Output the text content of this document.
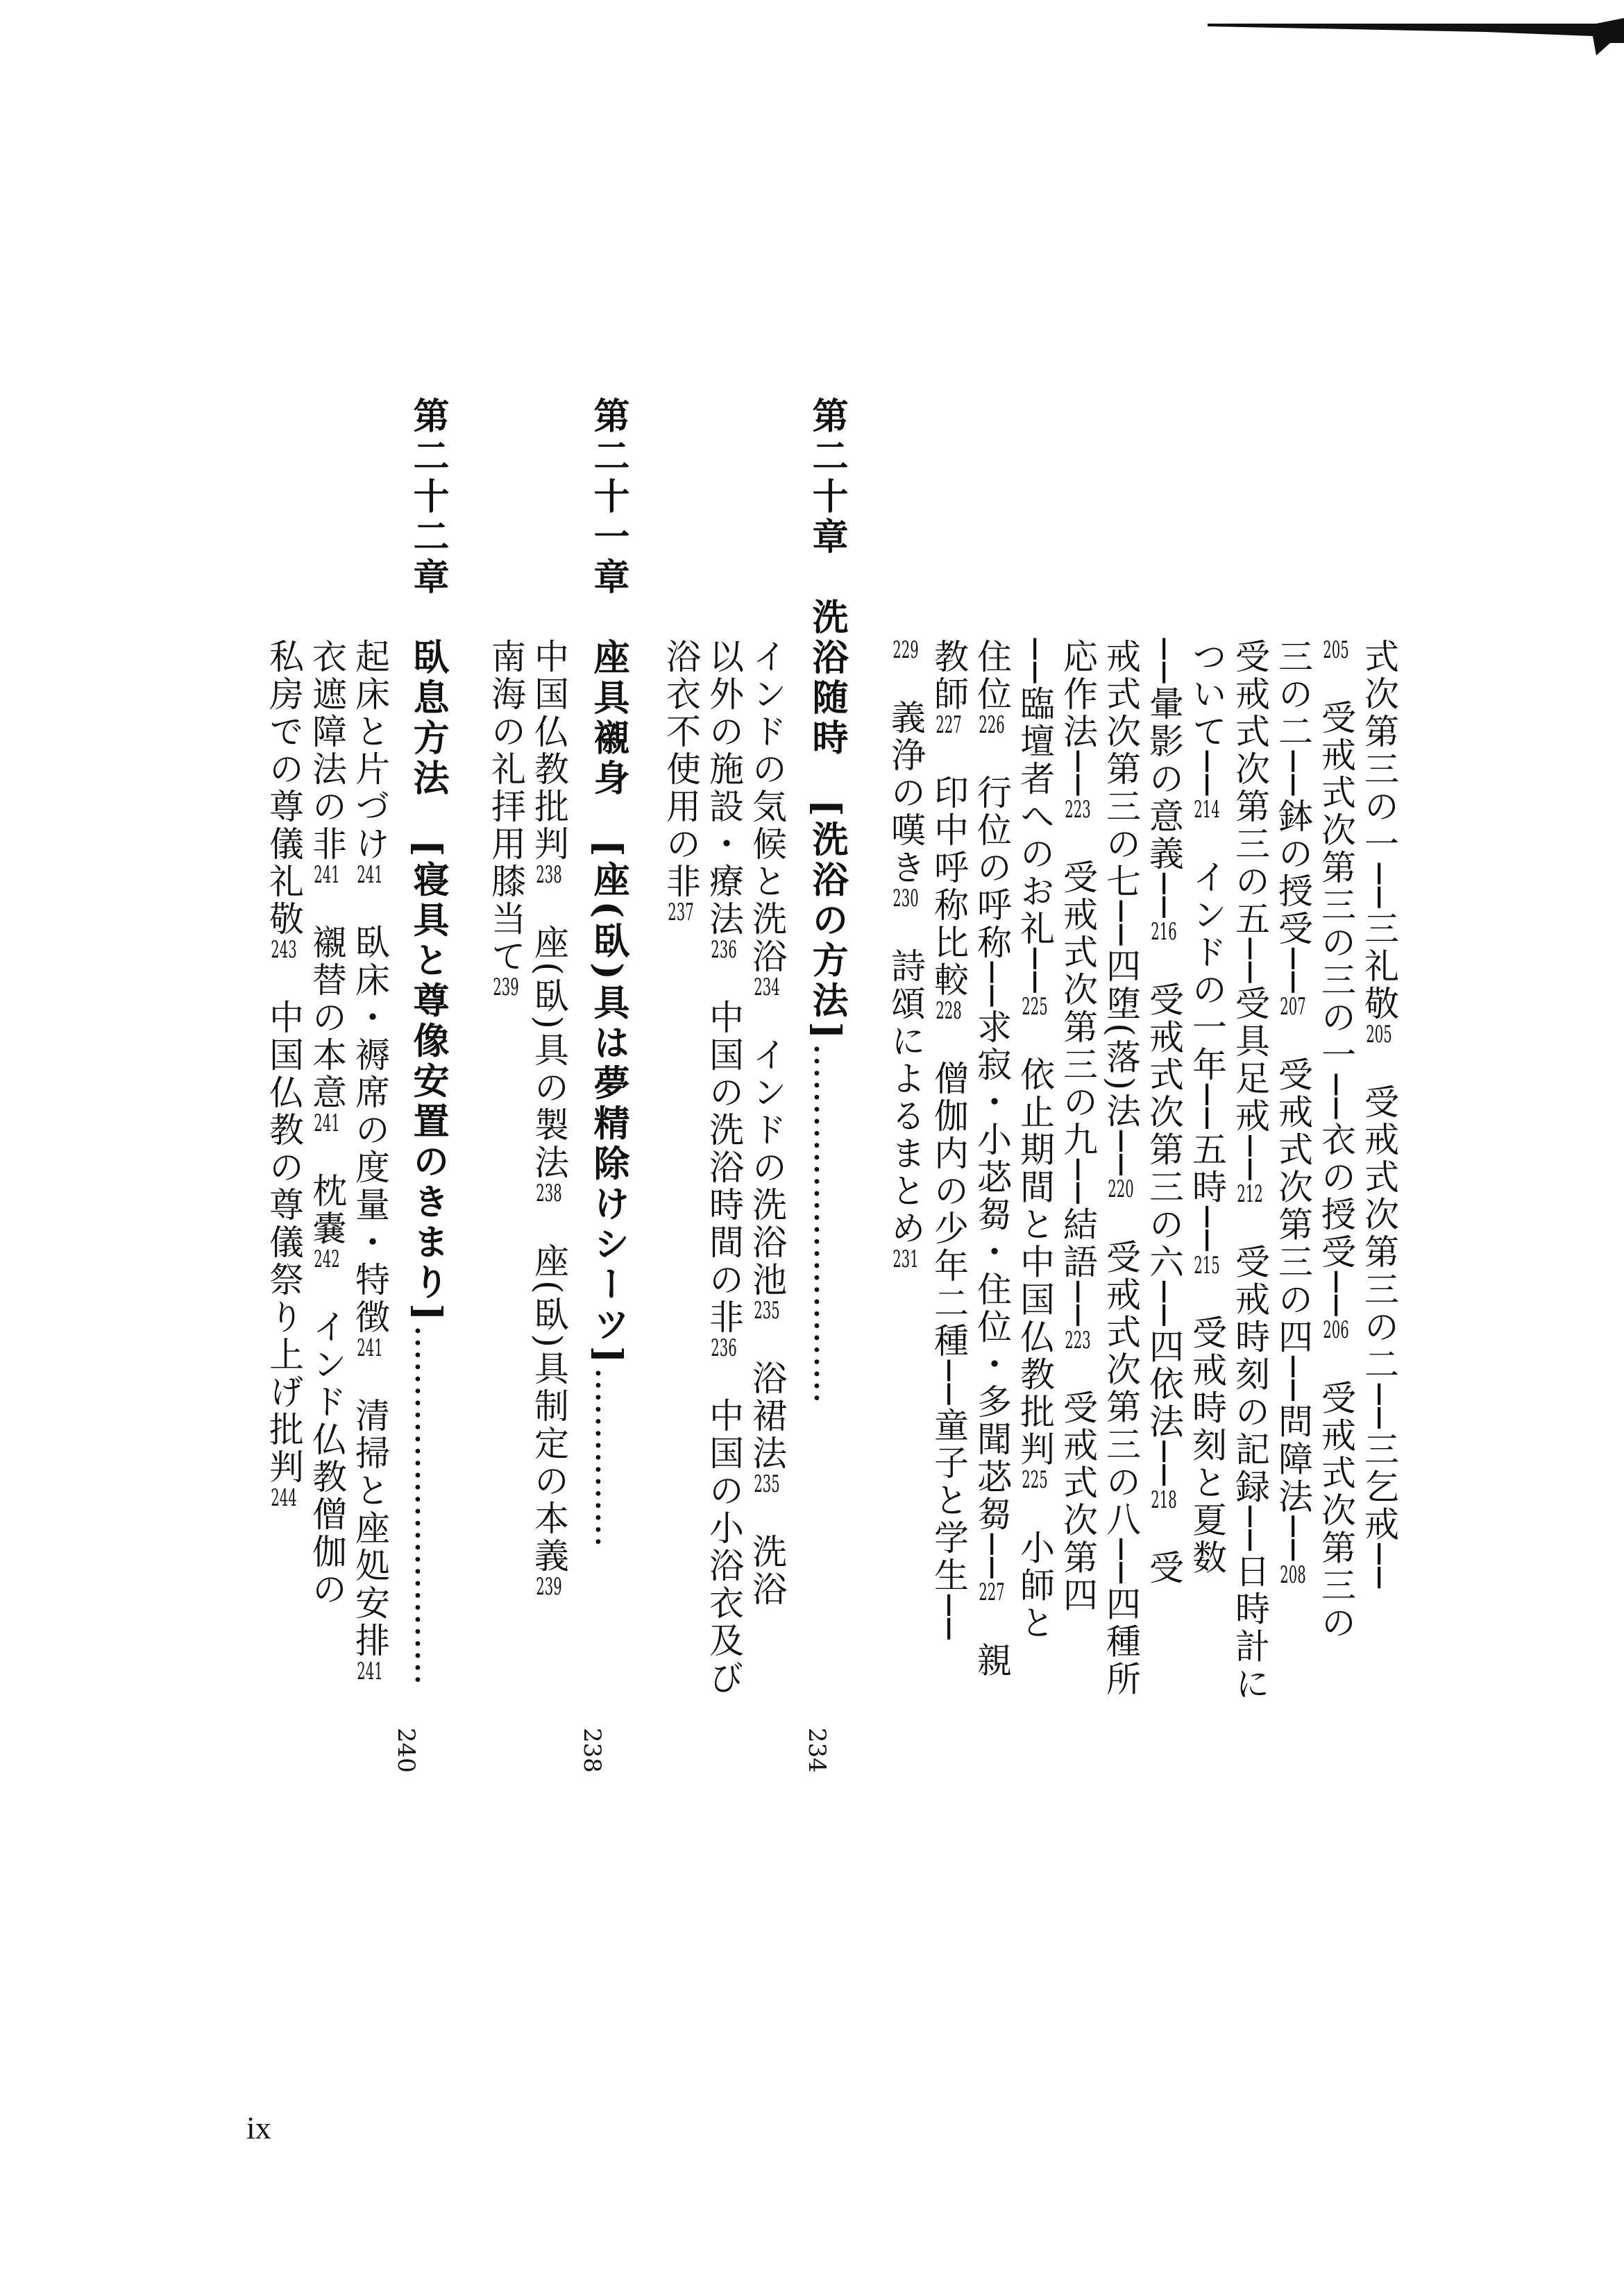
式次第三の一──三礼敬205　受戒式次第三の二──三乞戒──
205　受戒式次第三の三の一──衣の授受──206　受戒式次第三の
三の二──鉢の授受──207　受戒式次第三の四──問障法──208
受戒式次第三の五──受具足戒──212　受戒時刻の記録──日時計に
ついて──214　インドの一年──五時──215　受戒時刻と夏数
──暈影の意義──216　受戒式次第三の六──四依法──218　受
戒式次第三の七──四堕(落)法──220　受戒式次第三の八──四種所
応作法──223　受戒式次第三の九──結語──223　受戒式次第四
──臨壇者へのお礼──225　依止期間と中国仏教批判225　小師と
住位226　行位の呼称──求寂・小苾芻・住位・多聞苾芻──227　親
教師227　印中呼称比較228　僧伽内の少年二種──童子と学生──
229　義浄の嘆き230　詩頌によるまとめ231
第二十章　洗浴随時　[洗浴の方法]…………………………
234
インドの気候と洗浴234　インドの洗浴池235　浴裙法235　洗浴
以外の施設・療法236　中国の洗浴時間の非236　中国の小浴衣及び
浴衣不使用の非237
第二十一章　座具襯身　[座(臥)具は夢精除けシーツ]……………
238
中国仏教批判238　座(臥)具の製法238　座(臥)具制定の本義239
南海の礼拝用膝当て239
第二十二章　臥息方法　[寝具と尊像安置のきまり]…………………………
240
起床と片づけ241　臥床・褥席の度量・特徴241　清掃と座処安排241
衣遮障法の非241　襯替の本意241　枕嚢242　インド仏教僧伽の
私房での尊儀礼敬243　中国仏教の尊儀祭り上げ批判244
ix
